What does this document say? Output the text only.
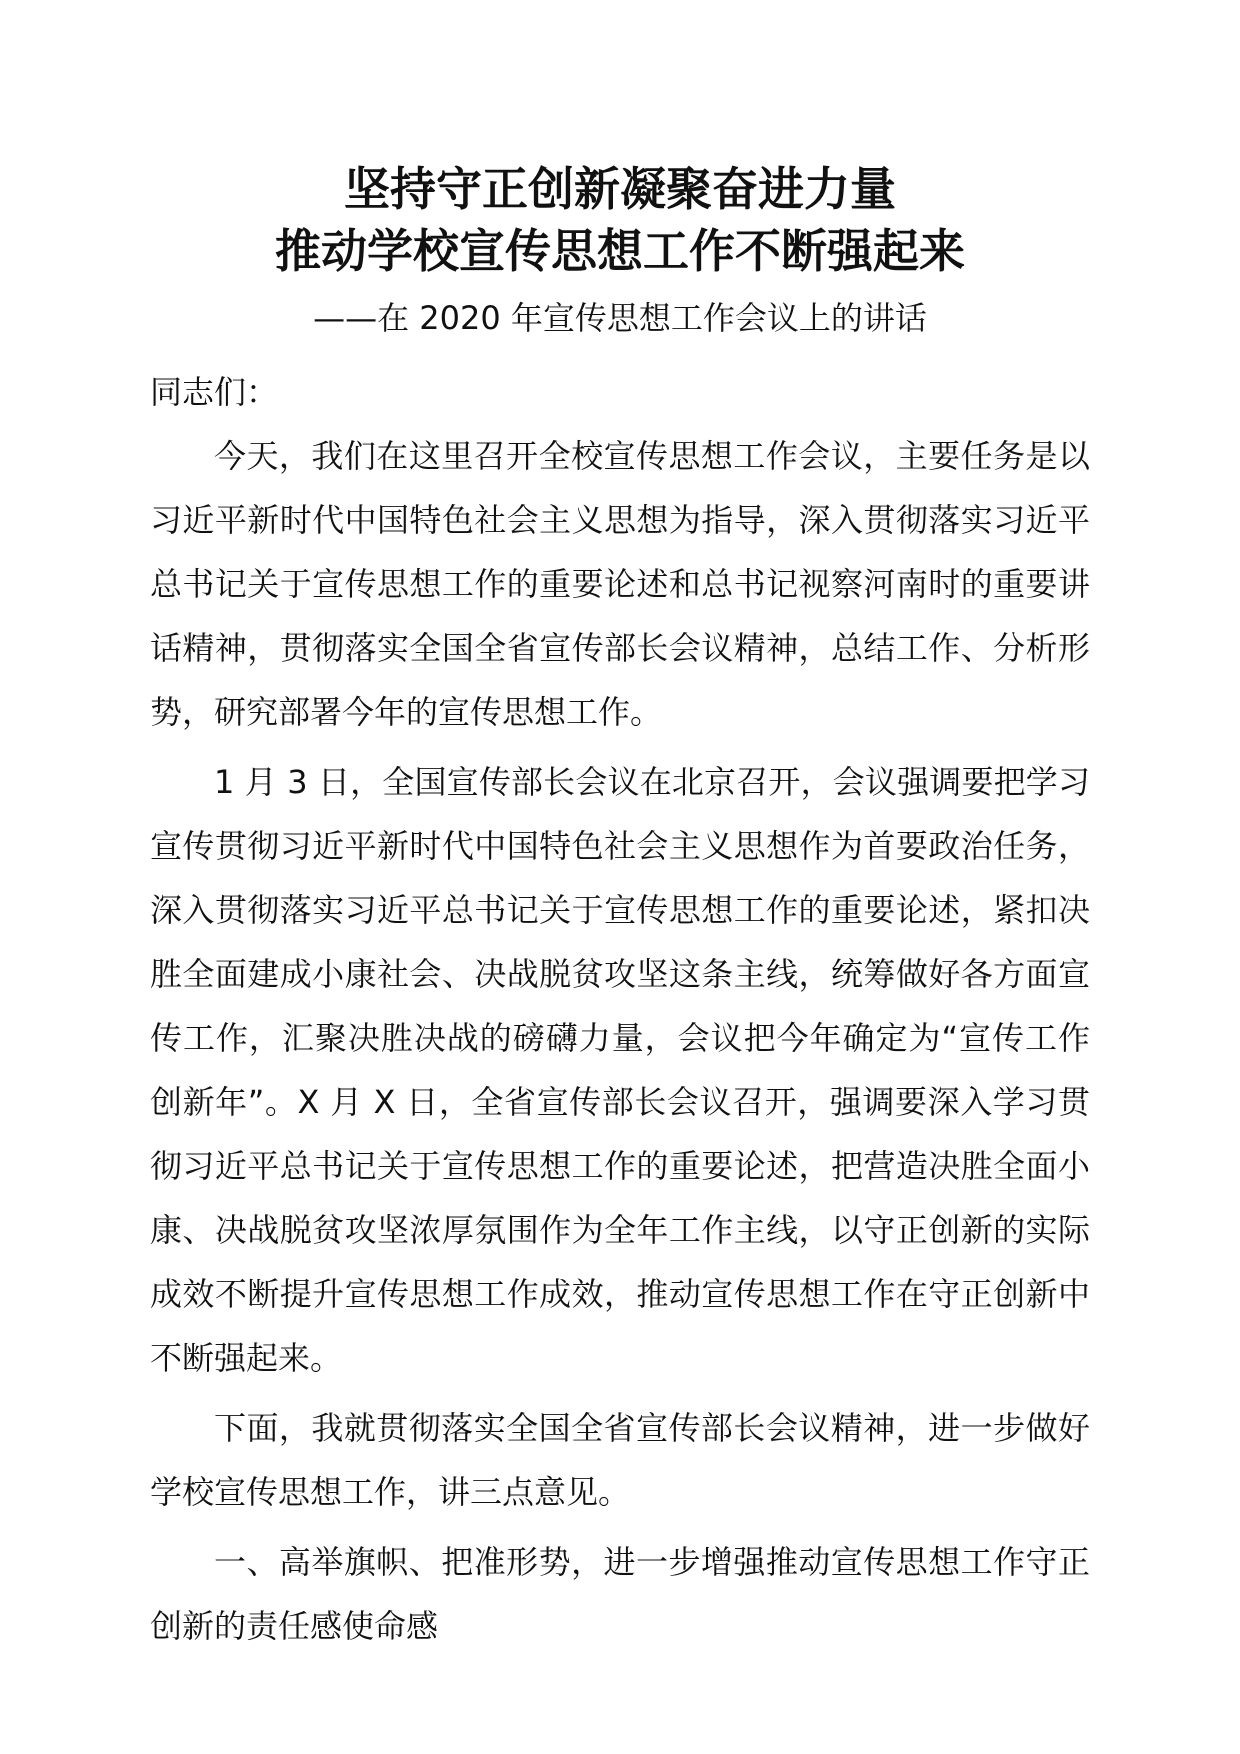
坚持守正创新凝聚奋进力量
推动学校宣传思想工作不断强起来
——在 2020 年宣传思想工作会议上的讲话

同志们：

今天，我们在这里召开全校宣传思想工作会议，主要任务是以习近平新时代中国特色社会主义思想为指导，深入贯彻落实习近平总书记关于宣传思想工作的重要论述和总书记视察河南时的重要讲话精神，贯彻落实全国全省宣传部长会议精神，总结工作、分析形势，研究部署今年的宣传思想工作。

1 月 3 日，全国宣传部长会议在北京召开，会议强调要把学习宣传贯彻习近平新时代中国特色社会主义思想作为首要政治任务，深入贯彻落实习近平总书记关于宣传思想工作的重要论述，紧扣决胜全面建成小康社会、决战脱贫攻坚这条主线，统筹做好各方面宣传工作，汇聚决胜决战的磅礴力量，会议把今年确定为“宣传工作创新年”。X 月 X 日，全省宣传部长会议召开，强调要深入学习贯彻习近平总书记关于宣传思想工作的重要论述，把营造决胜全面小康、决战脱贫攻坚浓厚氛围作为全年工作主线，以守正创新的实际成效不断提升宣传思想工作成效，推动宣传思想工作在守正创新中不断强起来。

下面，我就贯彻落实全国全省宣传部长会议精神，进一步做好学校宣传思想工作，讲三点意见。

一、高举旗帜、把准形势，进一步增强推动宣传思想工作守正创新的责任感使命感
